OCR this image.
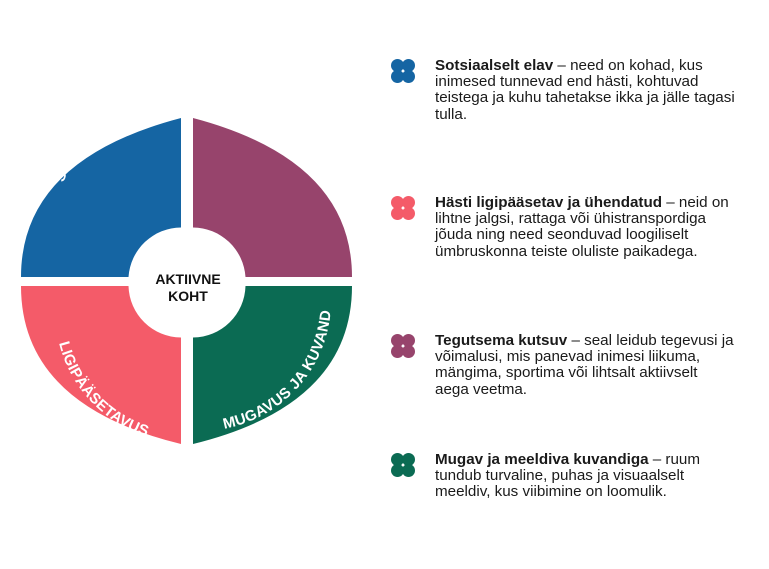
SOTSIAALSUS	TEGEVUSED
LIGIPÄÄSETAVUS	MUGAVUS JA KUVAND
AKTIIVNE
KOHT
Sotsiaalselt elav – need on kohad, kus inimesed tunnevad end hästi, kohtuvad teistega ja kuhu tahetakse ikka ja jälle tagasi tulla.
Hästi ligipääsetav ja ühendatud – neid on lihtne jalgsi, rattaga või ühistranspordiga jõuda ning need seonduvad loogiliselt ümbruskonna teiste oluliste paikadega.
Tegutsema kutsuv – seal leidub tegevusi ja võimalusi, mis panevad inimesi liikuma, mängima, sportima või lihtsalt aktiivselt aega veetma.
Mugav ja meeldiva kuvandiga – ruum tundub turvaline, puhas ja visuaalselt meeldiv, kus viibimine on loomulik.
